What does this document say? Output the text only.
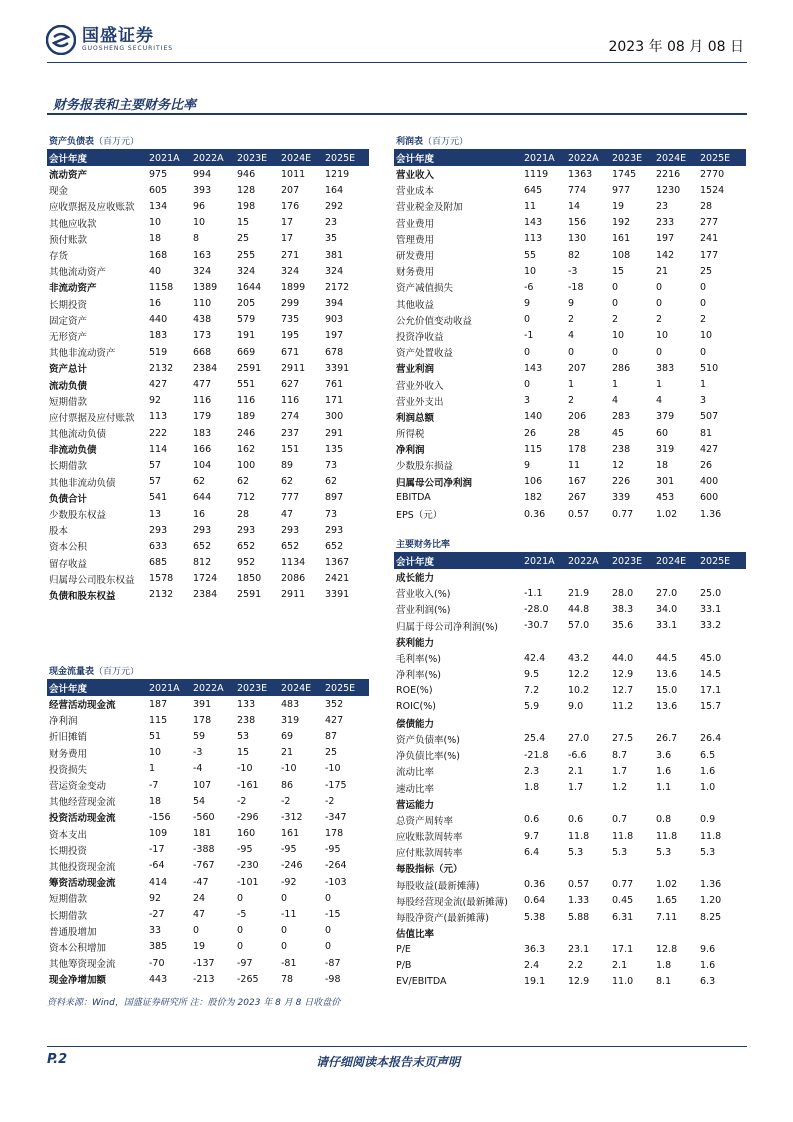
国盛证券
GUOSHENG SECURITIES	2023 年 08 月 08 日
财务报表和主要财务比率
资产负债表（百万元）
会计年度	2021A	2022A	2023E	2024E	2025E
流动资产	975	994	946	1011	1219
现金	605	393	128	207	164
应收票据及应收账款	134	96	198	176	292
其他应收款	10	10	15	17	23
预付账款	18	8	25	17	35
存货	168	163	255	271	381
其他流动资产	40	324	324	324	324
非流动资产	1158	1389	1644	1899	2172
长期投资	16	110	205	299	394
固定资产	440	438	579	735	903
无形资产	183	173	191	195	197
其他非流动资产	519	668	669	671	678
资产总计	2132	2384	2591	2911	3391
流动负债	427	477	551	627	761
短期借款	92	116	116	116	171
应付票据及应付账款	113	179	189	274	300
其他流动负债	222	183	246	237	291
非流动负债	114	166	162	151	135
长期借款	57	104	100	89	73
其他非流动负债	57	62	62	62	62
负债合计	541	644	712	777	897
少数股东权益	13	16	28	47	73
股本	293	293	293	293	293
资本公积	633	652	652	652	652
留存收益	685	812	952	1134	1367
归属母公司股东权益	1578	1724	1850	2086	2421
负债和股东权益	2132	2384	2591	2911	3391
现金流量表（百万元）
会计年度	2021A	2022A	2023E	2024E	2025E
经营活动现金流	187	391	133	483	352
净利润	115	178	238	319	427
折旧摊销	51	59	53	69	87
财务费用	10	-3	15	21	25
投资损失	1	-4	-10	-10	-10
营运资金变动	-7	107	-161	86	-175
其他经营现金流	18	54	-2	-2	-2
投资活动现金流	-156	-560	-296	-312	-347
资本支出	109	181	160	161	178
长期投资	-17	-388	-95	-95	-95
其他投资现金流	-64	-767	-230	-246	-264
筹资活动现金流	414	-47	-101	-92	-103
短期借款	92	24	0	0	0
长期借款	-27	47	-5	-11	-15
普通股增加	33	0	0	0	0
资本公积增加	385	19	0	0	0
其他筹资现金流	-70	-137	-97	-81	-87
现金净增加额	443	-213	-265	78	-98
利润表（百万元）
会计年度	2021A	2022A	2023E	2024E	2025E
营业收入	1119	1363	1745	2216	2770
营业成本	645	774	977	1230	1524
营业税金及附加	11	14	19	23	28
营业费用	143	156	192	233	277
管理费用	113	130	161	197	241
研发费用	55	82	108	142	177
财务费用	10	-3	15	21	25
资产减值损失	-6	-18	0	0	0
其他收益	9	9	0	0	0
公允价值变动收益	0	2	2	2	2
投资净收益	-1	4	10	10	10
资产处置收益	0	0	0	0	0
营业利润	143	207	286	383	510
营业外收入	0	1	1	1	1
营业外支出	3	2	4	4	3
利润总额	140	206	283	379	507
所得税	26	28	45	60	81
净利润	115	178	238	319	427
少数股东损益	9	11	12	18	26
归属母公司净利润	106	167	226	301	400
EBITDA	182	267	339	453	600
EPS（元）	0.36	0.57	0.77	1.02	1.36
主要财务比率
会计年度	2021A	2022A	2023E	2024E	2025E
成长能力
营业收入(%)	-1.1	21.9	28.0	27.0	25.0
营业利润(%)	-28.0	44.8	38.3	34.0	33.1
归属于母公司净利润(%)	-30.7	57.0	35.6	33.1	33.2
获利能力
毛利率(%)	42.4	43.2	44.0	44.5	45.0
净利率(%)	9.5	12.2	12.9	13.6	14.5
ROE(%)	7.2	10.2	12.7	15.0	17.1
ROIC(%)	5.9	9.0	11.2	13.6	15.7
偿债能力
资产负债率(%)	25.4	27.0	27.5	26.7	26.4
净负债比率(%)	-21.8	-6.6	8.7	3.6	6.5
流动比率	2.3	2.1	1.7	1.6	1.6
速动比率	1.8	1.7	1.2	1.1	1.0
营运能力
总资产周转率	0.6	0.6	0.7	0.8	0.9
应收账款周转率	9.7	11.8	11.8	11.8	11.8
应付账款周转率	6.4	5.3	5.3	5.3	5.3
每股指标（元）
每股收益(最新摊薄)	0.36	0.57	0.77	1.02	1.36
每股经营现金流(最新摊薄)	0.64	1.33	0.45	1.65	1.20
每股净资产(最新摊薄)	5.38	5.88	6.31	7.11	8.25
估值比率
P/E	36.3	23.1	17.1	12.8	9.6
P/B	2.4	2.2	2.1	1.8	1.6
EV/EBITDA	19.1	12.9	11.0	8.1	6.3
资料来源：Wind，国盛证券研究所 注：股价为 2023 年 8 月 8 日收盘价
P.2	请仔细阅读本报告末页声明
